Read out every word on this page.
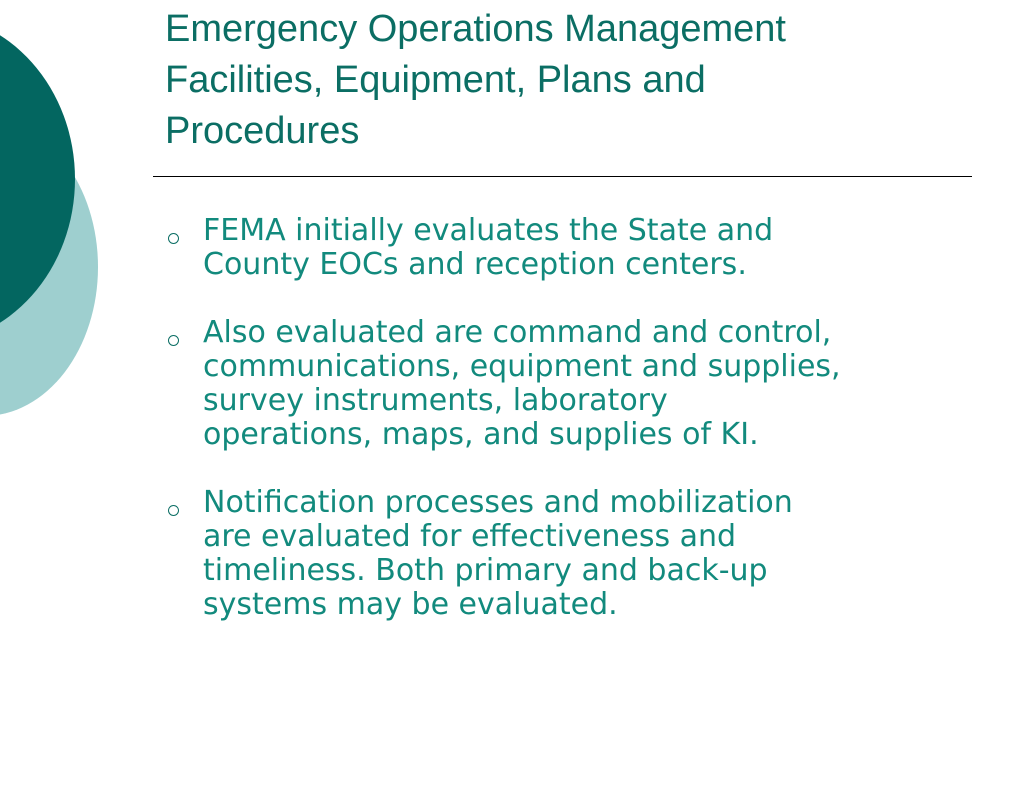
Emergency Operations Management
Facilities, Equipment, Plans and
Procedures
FEMA initially evaluates the State and
County EOCs and reception centers.
Also evaluated are command and control,
communications, equipment and supplies,
survey instruments, laboratory
operations, maps, and supplies of KI.
Notification processes and mobilization
are evaluated for effectiveness and
timeliness. Both primary and back-up
systems may be evaluated.
